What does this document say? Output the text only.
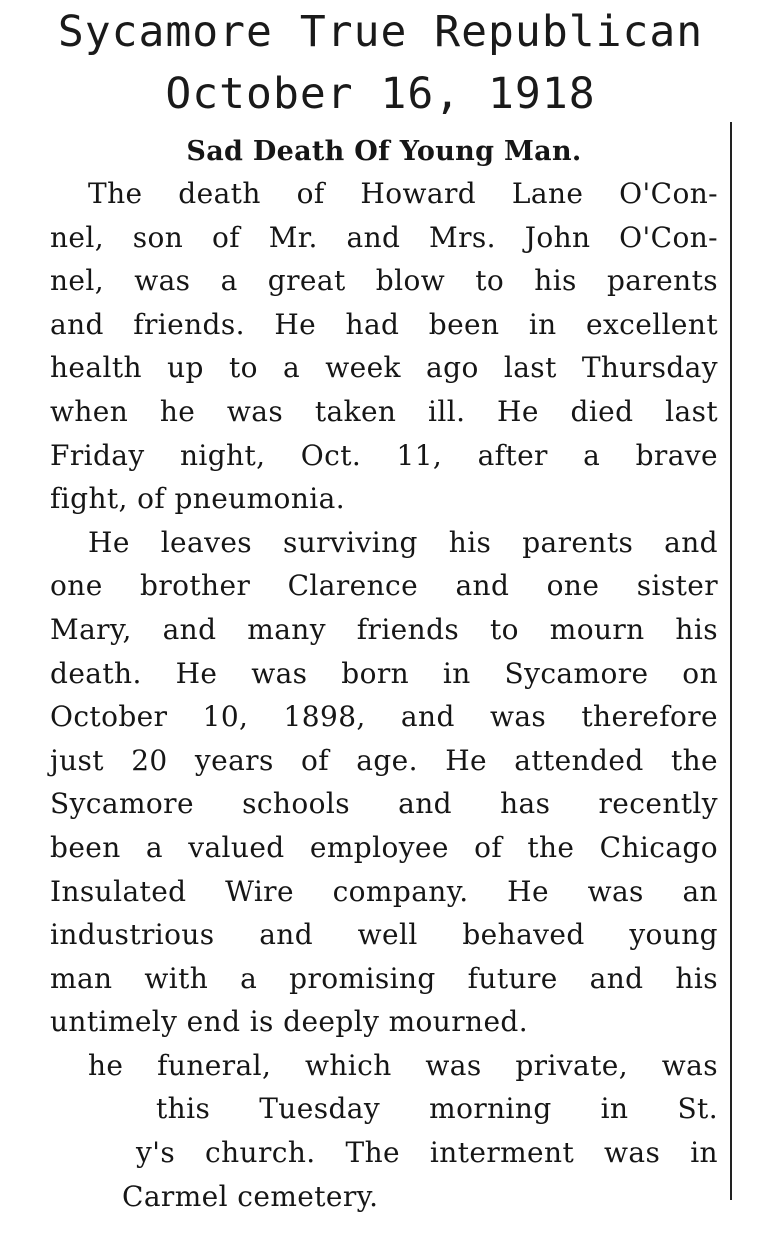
Sycamore True Republican
October 16, 1918
Sad Death Of Young Man.
The death of Howard Lane O'Con-
nel, son of Mr. and Mrs. John O'Con-
nel, was a great blow to his parents
and friends. He had been in excellent
health up to a week ago last Thursday
when he was taken ill. He died last
Friday night, Oct. 11, after a brave
fight, of pneumonia.
He leaves surviving his parents and
one brother Clarence and one sister
Mary, and many friends to mourn his
death. He was born in Sycamore on
October 10, 1898, and was therefore
just 20 years of age. He attended the
Sycamore schools and has recently
been a valued employee of the Chicago
Insulated Wire company. He was an
industrious and well behaved young
man with a promising future and his
untimely end is deeply mourned.
he funeral, which was private, was
this Tuesday morning in St.
y's church. The interment was in
Carmel cemetery.
